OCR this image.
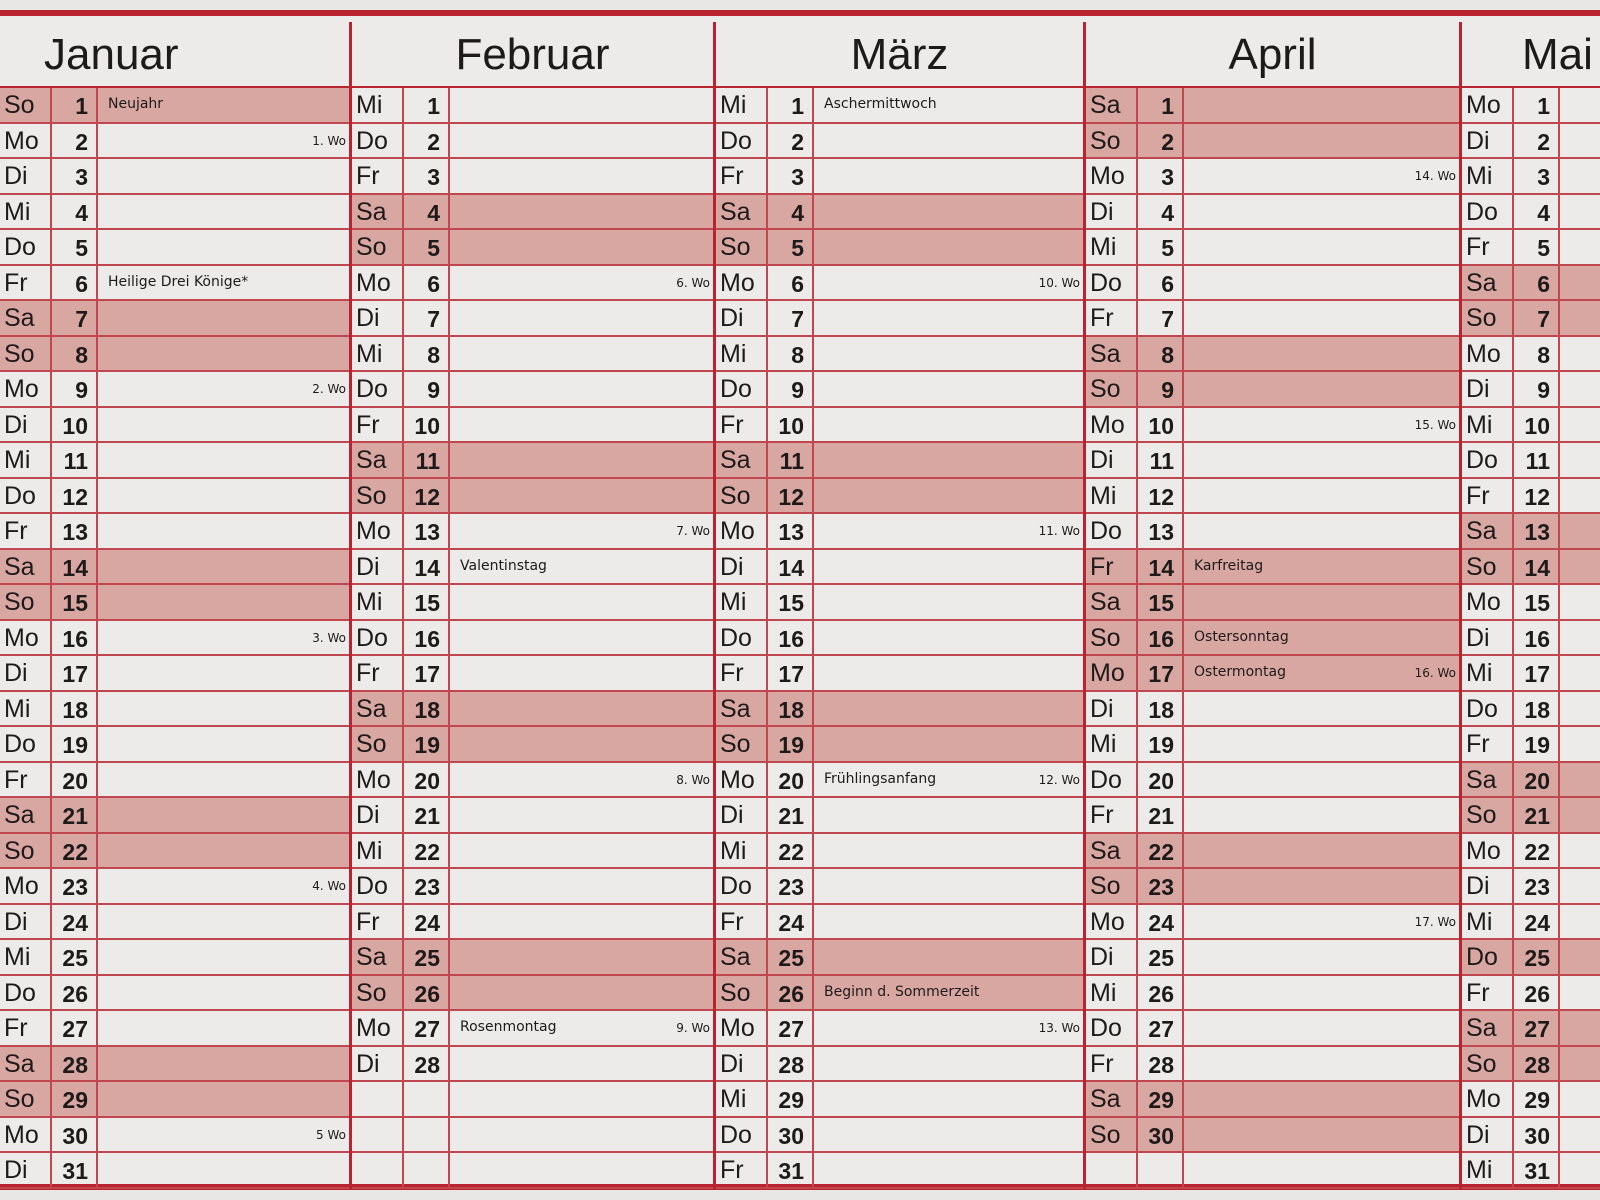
Januar
So	1	Neujahr
Mo	2	1. Wo
Di	3
Mi	4
Do	5
Fr	6	Heilige Drei Könige*
Sa	7
So	8
Mo	9	2. Wo
Di	10
Mi	11
Do	12
Fr	13
Sa	14
So	15
Mo	16	3. Wo
Di	17
Mi	18
Do	19
Fr	20
Sa	21
So	22
Mo	23	4. Wo
Di	24
Mi	25
Do	26
Fr	27
Sa	28
So	29
Mo	30	5 Wo
Di	31
Februar
Mi	1
Do	2
Fr	3
Sa	4
So	5
Mo	6	6. Wo
Di	7
Mi	8
Do	9
Fr	10
Sa	11
So	12
Mo	13	7. Wo
Di	14	Valentinstag
Mi	15
Do	16
Fr	17
Sa	18
So	19
Mo	20	8. Wo
Di	21
Mi	22
Do	23
Fr	24
Sa	25
So	26
Mo	27	Rosenmontag	9. Wo
Di	28
März
Mi	1	Aschermittwoch
Do	2
Fr	3
Sa	4
So	5
Mo	6	10. Wo
Di	7
Mi	8
Do	9
Fr	10
Sa	11
So	12
Mo	13	11. Wo
Di	14
Mi	15
Do	16
Fr	17
Sa	18
So	19
Mo	20	Frühlingsanfang	12. Wo
Di	21
Mi	22
Do	23
Fr	24
Sa	25
So	26	Beginn d. Sommerzeit
Mo	27	13. Wo
Di	28
Mi	29
Do	30
Fr	31
April
Sa	1
So	2
Mo	3	14. Wo
Di	4
Mi	5
Do	6
Fr	7
Sa	8
So	9
Mo	10	15. Wo
Di	11
Mi	12
Do	13
Fr	14	Karfreitag
Sa	15
So	16	Ostersonntag
Mo	17	Ostermontag	16. Wo
Di	18
Mi	19
Do	20
Fr	21
Sa	22
So	23
Mo	24	17. Wo
Di	25
Mi	26
Do	27
Fr	28
Sa	29
So	30
Mai
Mo	1
Di	2
Mi	3
Do	4
Fr	5
Sa	6
So	7
Mo	8
Di	9
Mi	10
Do	11
Fr	12
Sa	13
So	14
Mo	15
Di	16
Mi	17
Do	18
Fr	19
Sa	20
So	21
Mo	22
Di	23
Mi	24
Do	25
Fr	26
Sa	27
So	28
Mo	29
Di	30
Mi	31
